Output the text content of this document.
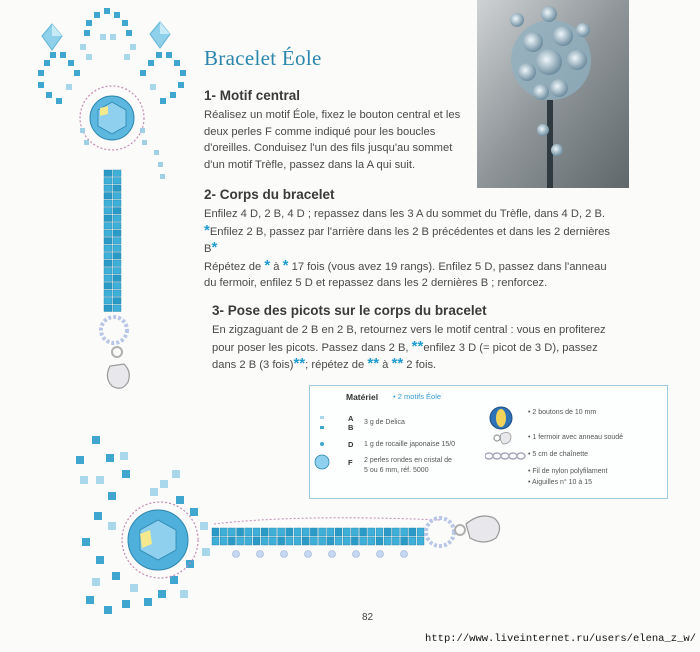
Bracelet Éole
1- Motif central
Réalisez un motif Éole, fixez le bouton central et les
deux perles F comme indiqué pour les boucles
d'oreilles. Conduisez l'un des fils jusqu'au sommet
d'un motif Trèfle, passez dans la A qui suit.
2- Corps du bracelet
Enfilez 4 D, 2 B, 4 D ; repassez dans les 3 A du sommet du Trèfle, dans 4 D, 2 B.
*Enfilez 2 B, passez par l'arrière dans les 2 B précédentes et dans les 2 dernières
B*
Répétez de * à * 17 fois (vous avez 19 rangs). Enfilez 5 D, passez dans l'anneau
du fermoir, enfilez 5 D et repassez dans les 2 dernières B ; renforcez.
3- Pose des picots sur le corps du bracelet
En zigzaguant de 2 B en 2 B, retournez vers le motif central : vous en profiterez
pour poser les picots. Passez dans 2 B, **enfilez 3 D (= picot de 3 D), passez
dans 2 B (3 fois)**; répétez de ** à ** 2 fois.
Matériel • 2 motifs Éole
A
B
3 g de Delica
D 1 g de rocaille japonaise 15/0
F 2 perles rondes en cristal de
5 ou 6 mm, réf. 5000
• 2 boutons de 10 mm
• 1 fermoir avec anneau soudé
• 5 cm de chaînette
• Fil de nylon polyfilament
• Aiguilles n° 10 à 15
82
http://www.liveinternet.ru/users/elena_z_w/
